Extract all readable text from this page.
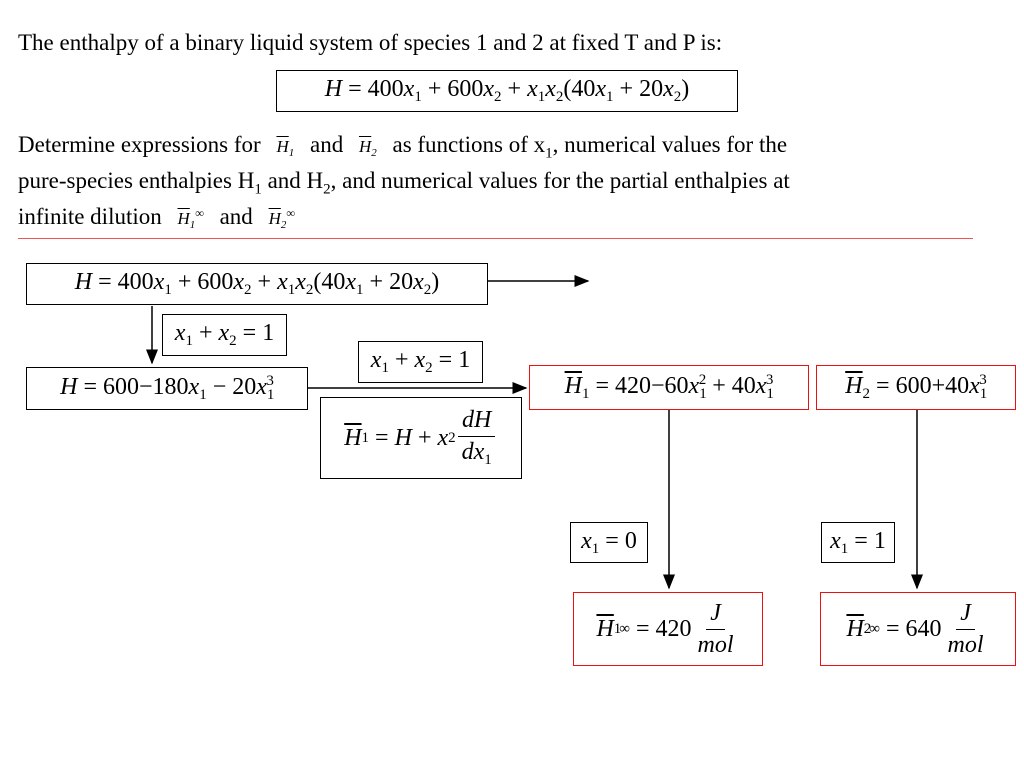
The enthalpy of a binary liquid system of species 1 and 2 at fixed T and P is:
$H = 400x_1 + 600x_2 + x_1x_2(40x_1 + 20x_2)$
Determine expressions for $\overline{H}_1$ and $\overline{H}_2$ as functions of $x_1$, numerical values for the
pure-species enthalpies $H_1$ and $H_2$, and numerical values for the partial enthalpies at
infinite dilution $\overline{H}_1^\infty$ and $\overline{H}_2^\infty$
$H = 400x_1 + 600x_2 + x_1x_2(40x_1 + 20x_2)$
$x_1 + x_2 = 1$
$H = 600-180x_1 - 20x_1^3$
$x_1 + x_2 = 1$
$\overline{H}$ 1
=
H
+
x $2 \frac{dH}{dx_1}$
$\overline{H}_1 = 420-60x_1^2 + 40x_1^3$	$\overline{H}_2 = 600+40x_1^3$
$x_1 = 0$	$x_1 = 1$
$\overline{H}$ 1
∞
=
$420 \frac{J}{\text{mol}}$	$\overline{H}$ 2
∞
=
$640 \frac{J}{\text{mol}}$
